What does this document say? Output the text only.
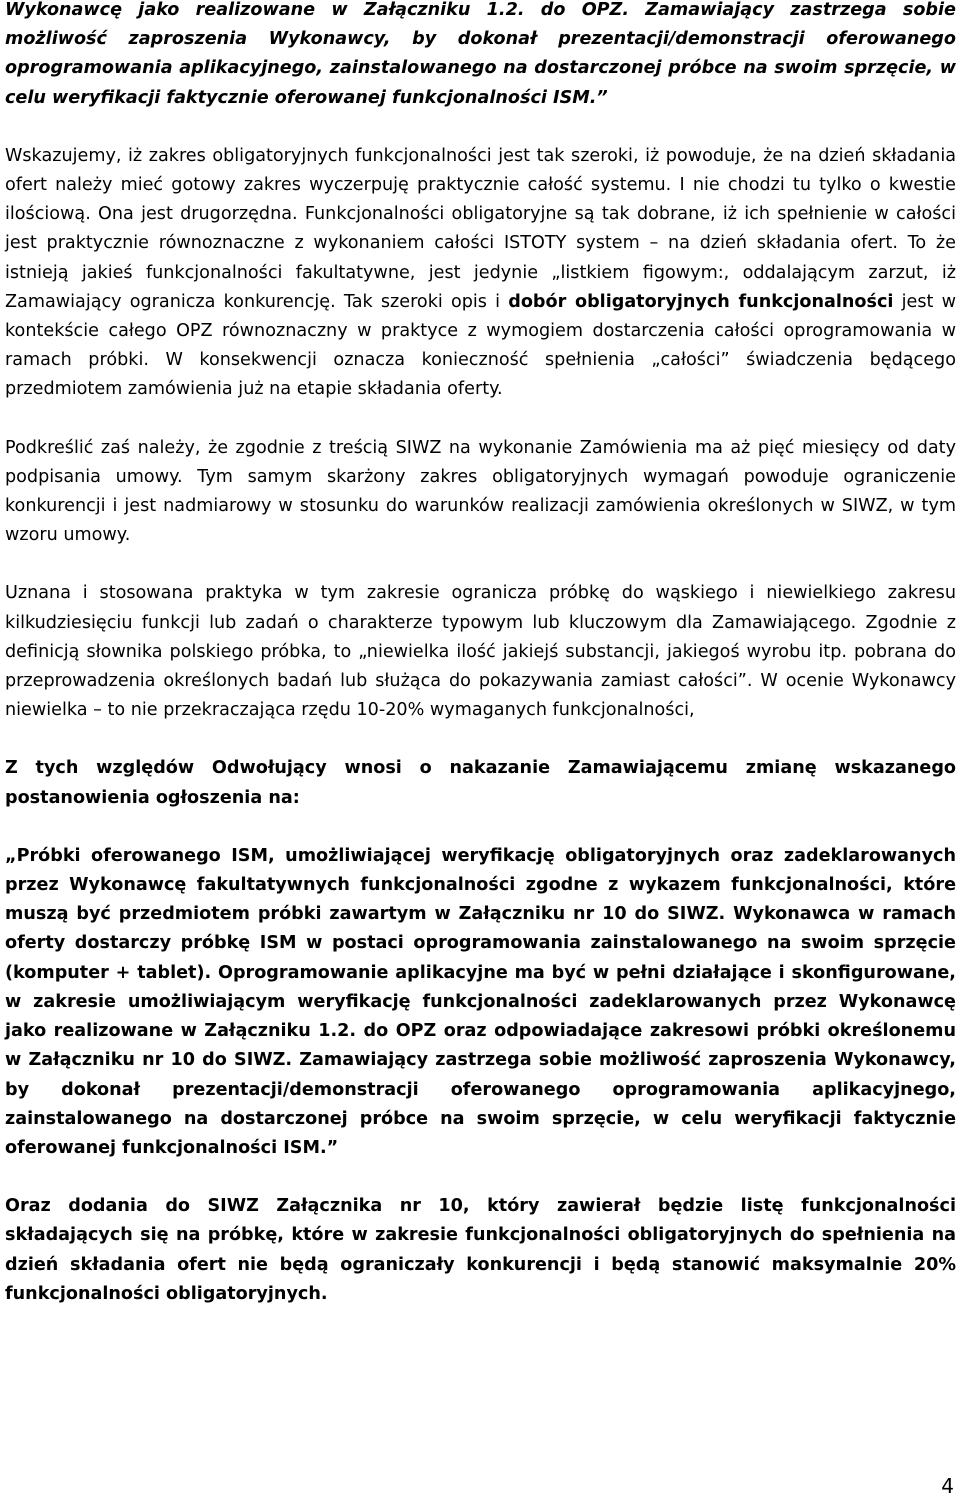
Wykonawcę jako realizowane w Załączniku 1.2. do OPZ. Zamawiający zastrzega sobie możliwość zaproszenia Wykonawcy, by dokonał prezentacji/demonstracji oferowanego oprogramowania aplikacyjnego, zainstalowanego na dostarczonej próbce na swoim sprzęcie, w celu weryfikacji faktycznie oferowanej funkcjonalności ISM.”

Wskazujemy, iż zakres obligatoryjnych funkcjonalności jest tak szeroki, iż powoduje, że na dzień składania ofert należy mieć gotowy zakres wyczerpuję praktycznie całość systemu. I nie chodzi tu tylko o kwestie ilościową. Ona jest drugorzędna. Funkcjonalności obligatoryjne są tak dobrane, iż ich spełnienie w całości jest praktycznie równoznaczne z wykonaniem całości ISTOTY system – na dzień składania ofert. To że istnieją jakieś funkcjonalności fakultatywne, jest jedynie „listkiem figowym:, oddalającym zarzut, iż Zamawiający ogranicza konkurencję. Tak szeroki opis i dobór obligatoryjnych funkcjonalności jest w kontekście całego OPZ równoznaczny w praktyce z wymogiem dostarczenia całości oprogramowania w ramach próbki. W konsekwencji oznacza konieczność spełnienia „całości” świadczenia będącego przedmiotem zamówienia już na etapie składania oferty.

Podkreślić zaś należy, że zgodnie z treścią SIWZ na wykonanie Zamówienia ma aż pięć miesięcy od daty podpisania umowy. Tym samym skarżony zakres obligatoryjnych wymagań powoduje ograniczenie konkurencji i jest nadmiarowy w stosunku do warunków realizacji zamówienia określonych w SIWZ, w tym wzoru umowy.

Uznana i stosowana praktyka w tym zakresie ogranicza próbkę do wąskiego i niewielkiego zakresu kilkudziesięciu funkcji lub zadań o charakterze typowym lub kluczowym dla Zamawiającego. Zgodnie z definicją słownika polskiego próbka, to „niewielka ilość jakiejś substancji, jakiegoś wyrobu itp. pobrana do przeprowadzenia określonych badań lub służąca do pokazywania zamiast całości”. W ocenie Wykonawcy niewielka – to nie przekraczająca rzędu 10-20% wymaganych funkcjonalności,

Z tych względów Odwołujący wnosi o nakazanie Zamawiającemu zmianę wskazanego postanowienia ogłoszenia na:

„Próbki oferowanego ISM, umożliwiającej weryfikację obligatoryjnych oraz zadeklarowanych przez Wykonawcę fakultatywnych funkcjonalności zgodne z wykazem funkcjonalności, które muszą być przedmiotem próbki zawartym w Załączniku nr 10 do SIWZ. Wykonawca w ramach oferty dostarczy próbkę ISM w postaci oprogramowania zainstalowanego na swoim sprzęcie (komputer + tablet). Oprogramowanie aplikacyjne ma być w pełni działające i skonfigurowane, w zakresie umożliwiającym weryfikację funkcjonalności zadeklarowanych przez Wykonawcę jako realizowane w Załączniku 1.2. do OPZ oraz odpowiadające zakresowi próbki określonemu w Załączniku nr 10 do SIWZ. Zamawiający zastrzega sobie możliwość zaproszenia Wykonawcy, by dokonał prezentacji/demonstracji oferowanego oprogramowania aplikacyjnego, zainstalowanego na dostarczonej próbce na swoim sprzęcie, w celu weryfikacji faktycznie oferowanej funkcjonalności ISM.”

Oraz dodania do SIWZ Załącznika nr 10, który zawierał będzie listę funkcjonalności składających się na próbkę, które w zakresie funkcjonalności obligatoryjnych do spełnienia na dzień składania ofert nie będą ograniczały konkurencji i będą stanowić maksymalnie 20% funkcjonalności obligatoryjnych.

4
